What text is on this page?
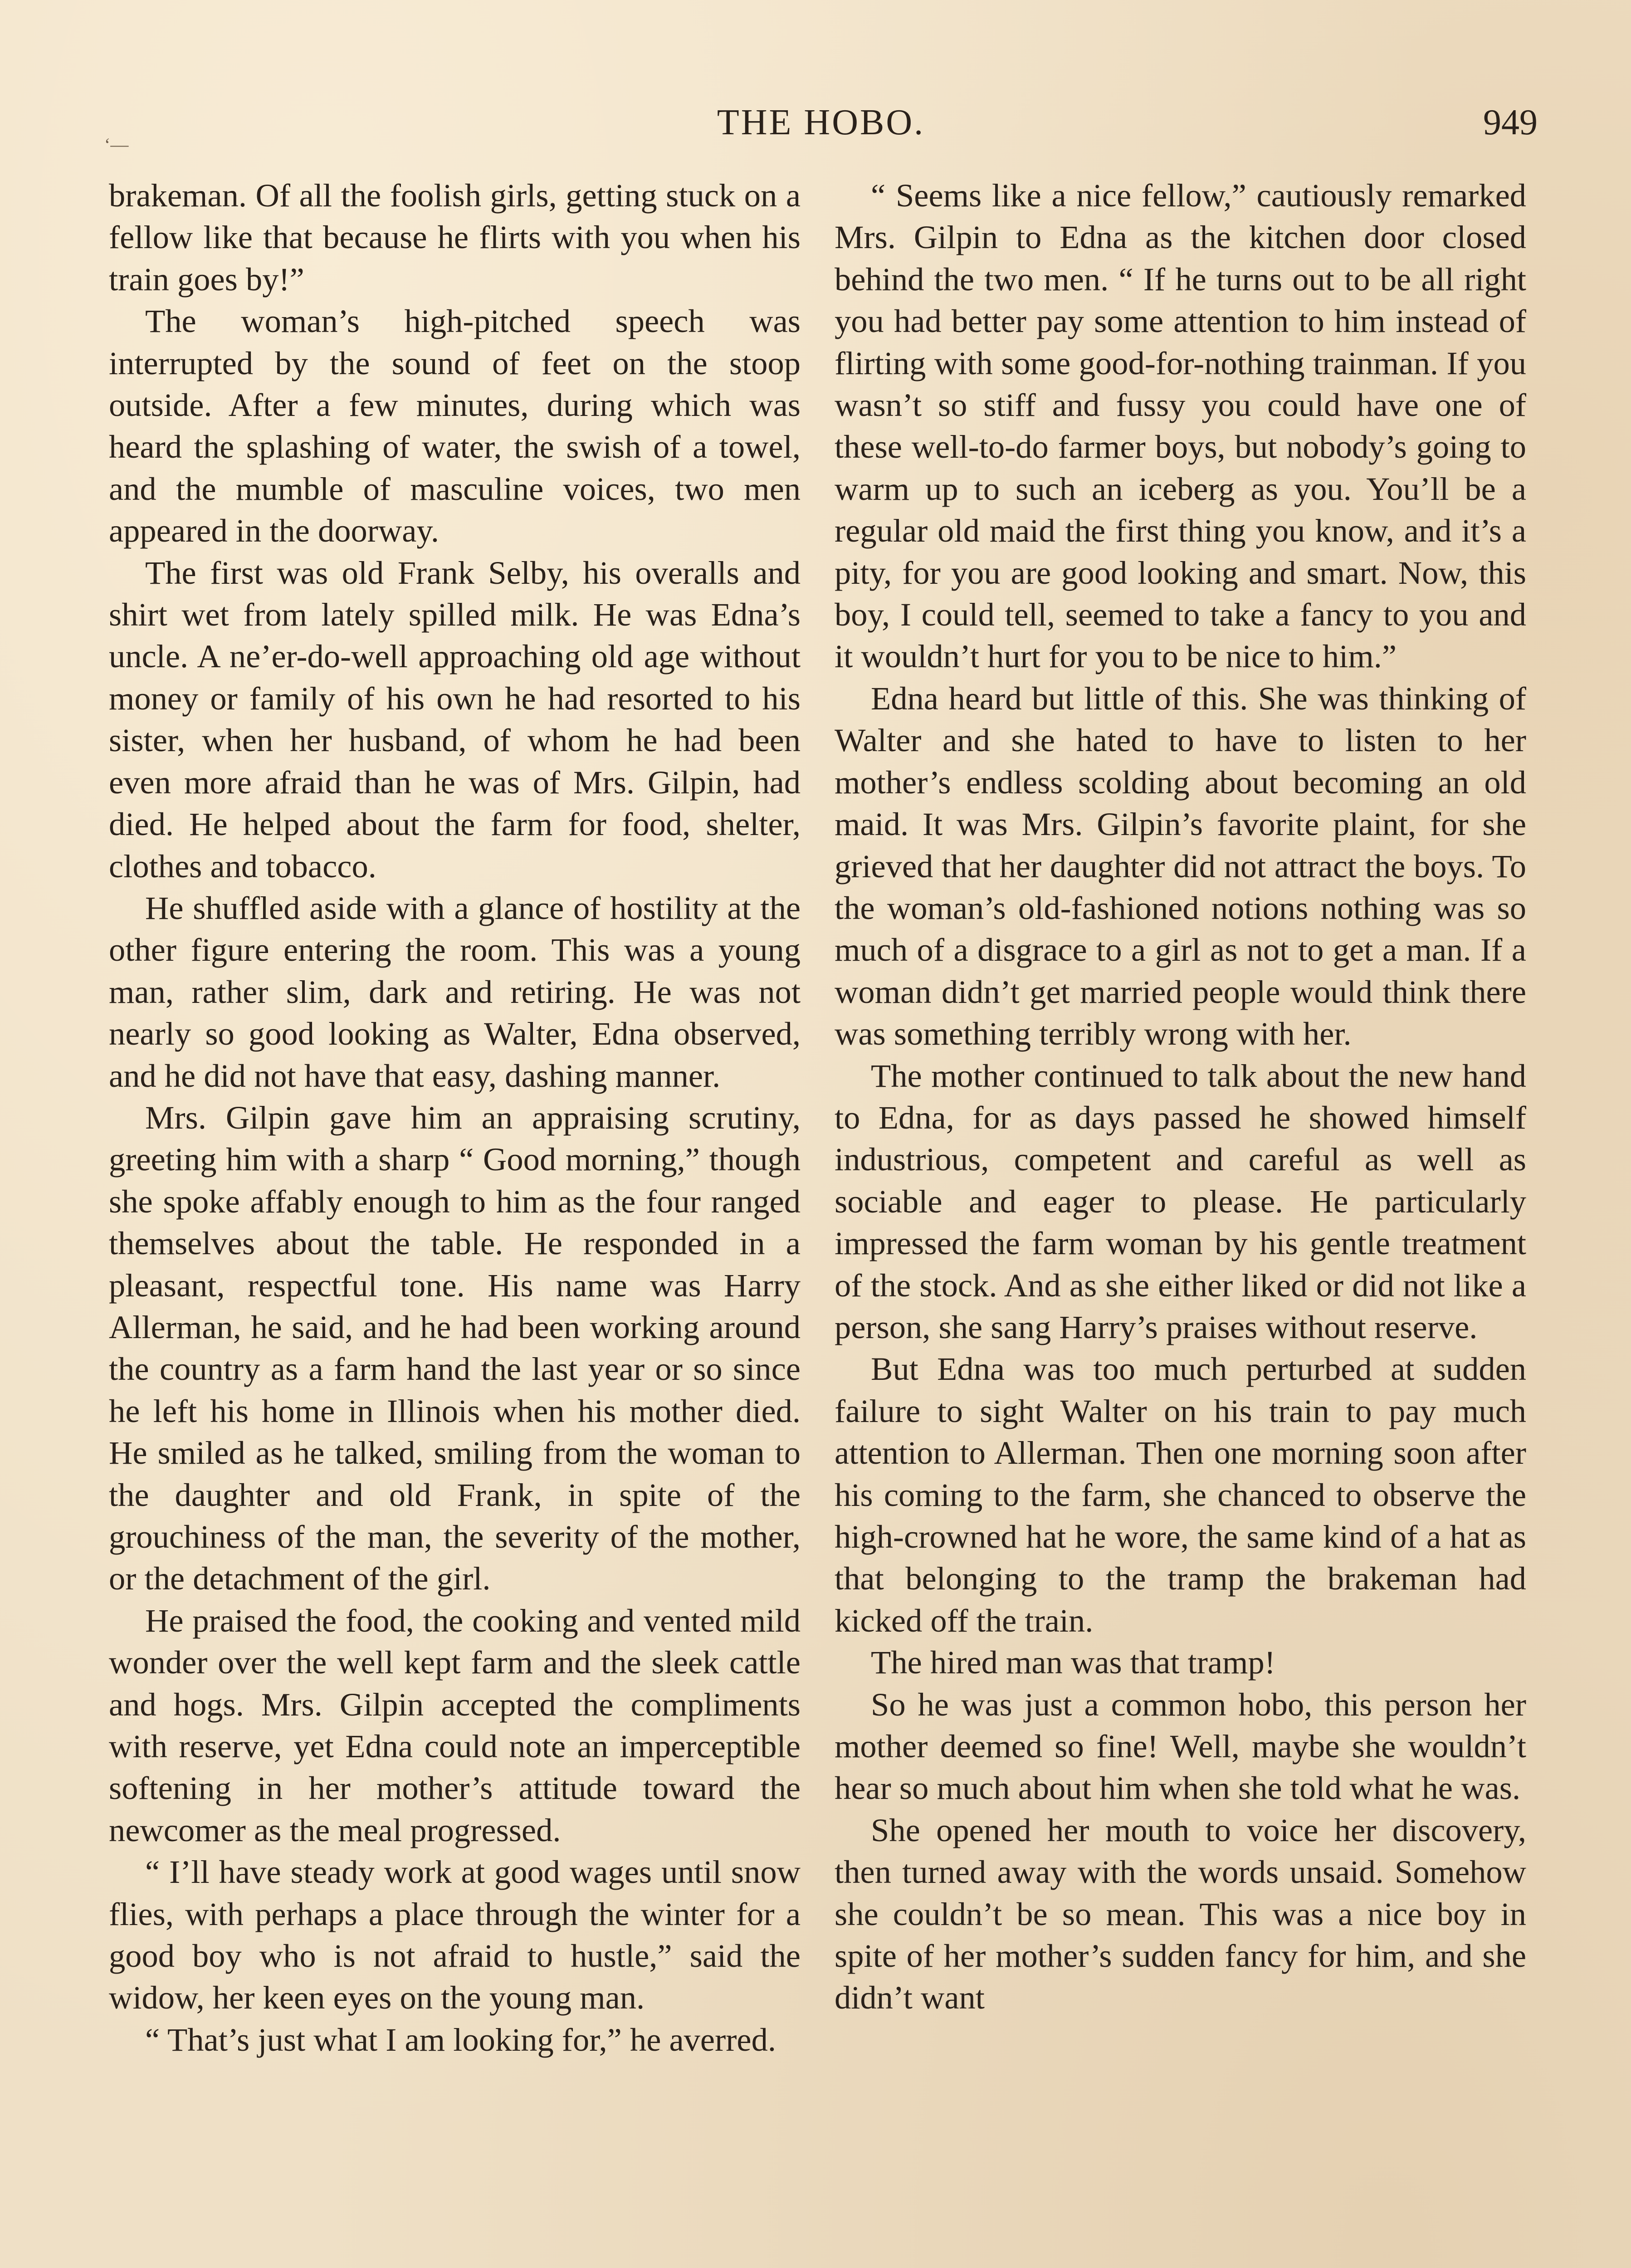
‘—
THE HOBO.	949

brakeman. Of all the foolish girls, getting stuck on a fellow like that because he flirts with you when his train goes by!”

The woman’s high-pitched speech was interrupted by the sound of feet on the stoop outside. After a few minutes, during which was heard the splashing of water, the swish of a towel, and the mumble of masculine voices, two men appeared in the doorway.

The first was old Frank Selby, his overalls and shirt wet from lately spilled milk. He was Edna’s uncle. A ne’er-do-well approaching old age without money or family of his own he had resorted to his sister, when her husband, of whom he had been even more afraid than he was of Mrs. Gilpin, had died. He helped about the farm for food, shelter, clothes and tobacco.

He shuffled aside with a glance of hostility at the other figure entering the room. This was a young man, rather slim, dark and retiring. He was not nearly so good looking as Walter, Edna observed, and he did not have that easy, dashing manner.

Mrs. Gilpin gave him an appraising scrutiny, greeting him with a sharp “ Good morning,” though she spoke affably enough to him as the four ranged themselves about the table. He responded in a pleasant, respectful tone. His name was Harry Allerman, he said, and he had been working around the country as a farm hand the last year or so since he left his home in Illinois when his mother died. He smiled as he talked, smiling from the woman to the daughter and old Frank, in spite of the grouchiness of the man, the severity of the mother, or the detachment of the girl.

He praised the food, the cooking and vented mild wonder over the well kept farm and the sleek cattle and hogs. Mrs. Gilpin accepted the compliments with reserve, yet Edna could note an imperceptible softening in her mother’s attitude toward the newcomer as the meal progressed.

“ I’ll have steady work at good wages until snow flies, with perhaps a place through the winter for a good boy who is not afraid to hustle,” said the widow, her keen eyes on the young man.

“ That’s just what I am looking for,” he averred.

“ Seems like a nice fellow,” cautiously remarked Mrs. Gilpin to Edna as the kitchen door closed behind the two men. “ If he turns out to be all right you had better pay some attention to him instead of flirting with some good-for-nothing trainman. If you wasn’t so stiff and fussy you could have one of these well-to-do farmer boys, but nobody’s going to warm up to such an iceberg as you. You’ll be a regular old maid the first thing you know, and it’s a pity, for you are good looking and smart. Now, this boy, I could tell, seemed to take a fancy to you and it wouldn’t hurt for you to be nice to him.”

Edna heard but little of this. She was thinking of Walter and she hated to have to listen to her mother’s endless scolding about becoming an old maid. It was Mrs. Gilpin’s favorite plaint, for she grieved that her daughter did not attract the boys. To the woman’s old-fashioned notions nothing was so much of a disgrace to a girl as not to get a man. If a woman didn’t get married people would think there was something terribly wrong with her.

The mother continued to talk about the new hand to Edna, for as days passed he showed himself industrious, competent and careful as well as sociable and eager to please. He particularly impressed the farm woman by his gentle treatment of the stock. And as she either liked or did not like a person, she sang Harry’s praises without reserve.

But Edna was too much perturbed at sudden failure to sight Walter on his train to pay much attention to Allerman. Then one morning soon after his coming to the farm, she chanced to observe the high-crowned hat he wore, the same kind of a hat as that belonging to the tramp the brakeman had kicked off the train.

The hired man was that tramp!

So he was just a common hobo, this person her mother deemed so fine! Well, maybe she wouldn’t hear so much about him when she told what he was.

She opened her mouth to voice her discovery, then turned away with the words unsaid. Somehow she couldn’t be so mean. This was a nice boy in spite of her mother’s sudden fancy for him, and she didn’t want
